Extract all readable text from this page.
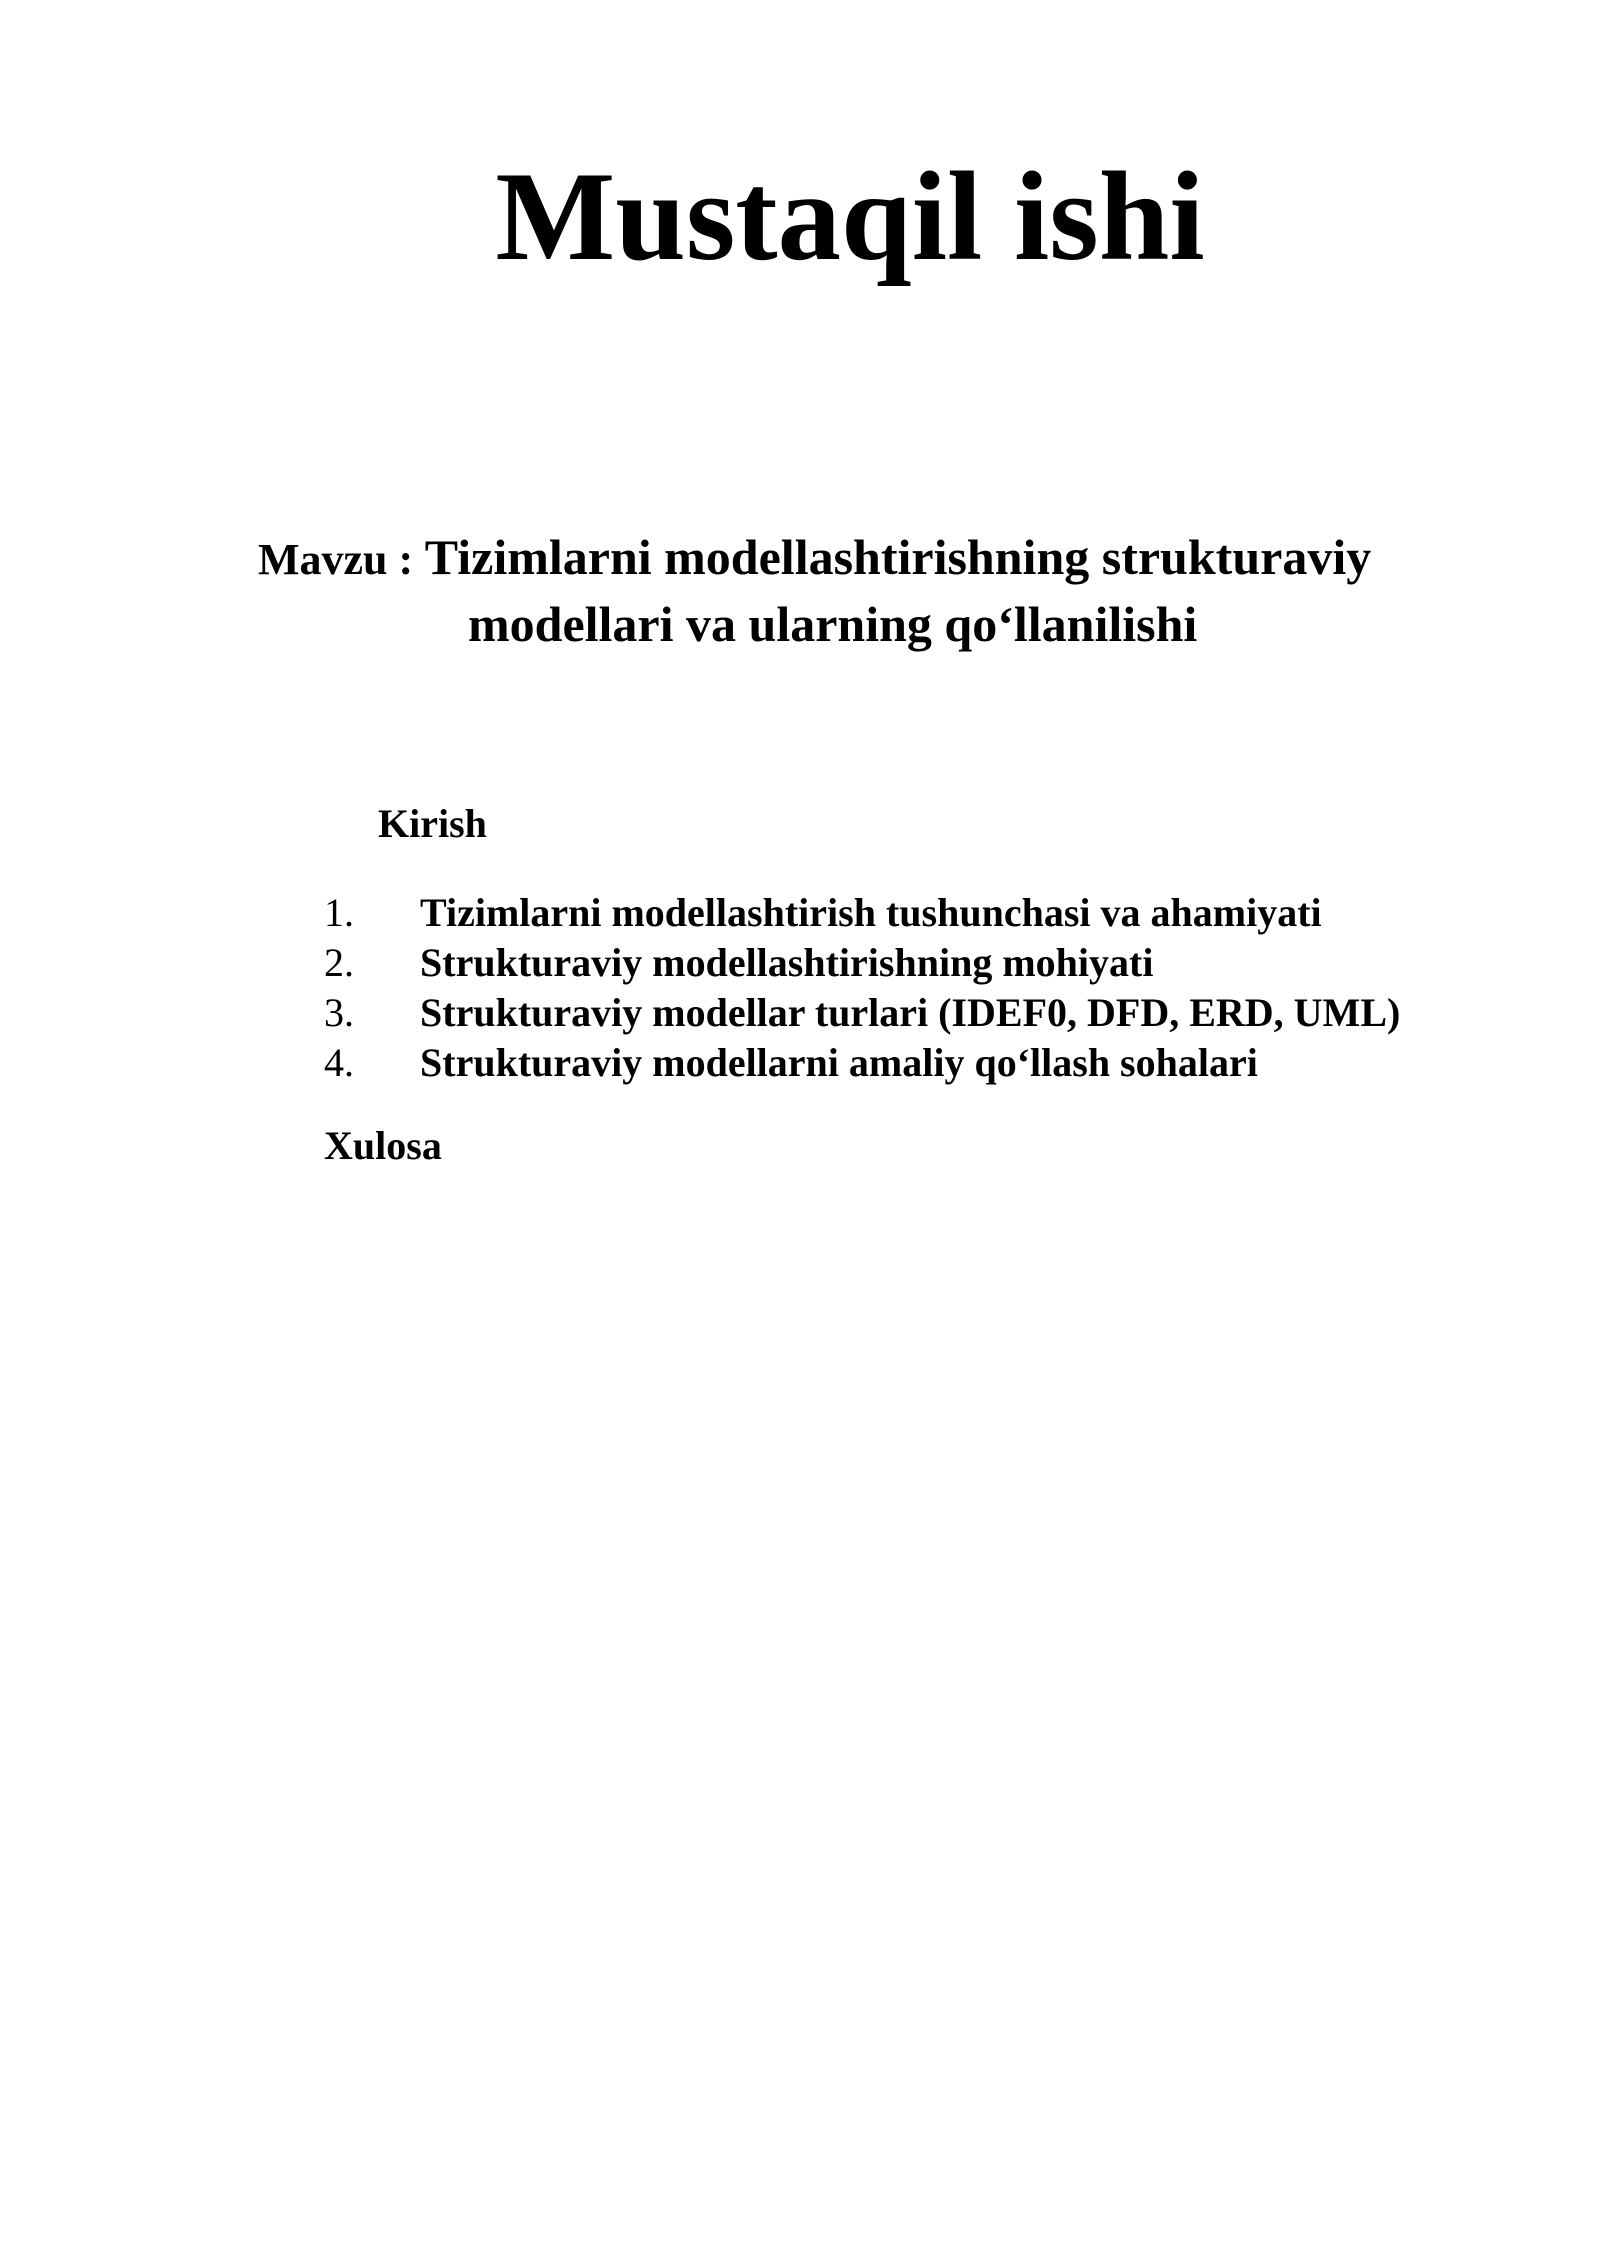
Mustaqil ishi
Mavzu : Tizimlarni modellashtirishning strukturaviy
modellari va ularning qo‘llanilishi

Kirish

1. Tizimlarni modellashtirish tushunchasi va ahamiyati
2. Strukturaviy modellashtirishning mohiyati
3. Strukturaviy modellar turlari (IDEF0, DFD, ERD, UML)
4. Strukturaviy modellarni amaliy qo‘llash sohalari

Xulosa
